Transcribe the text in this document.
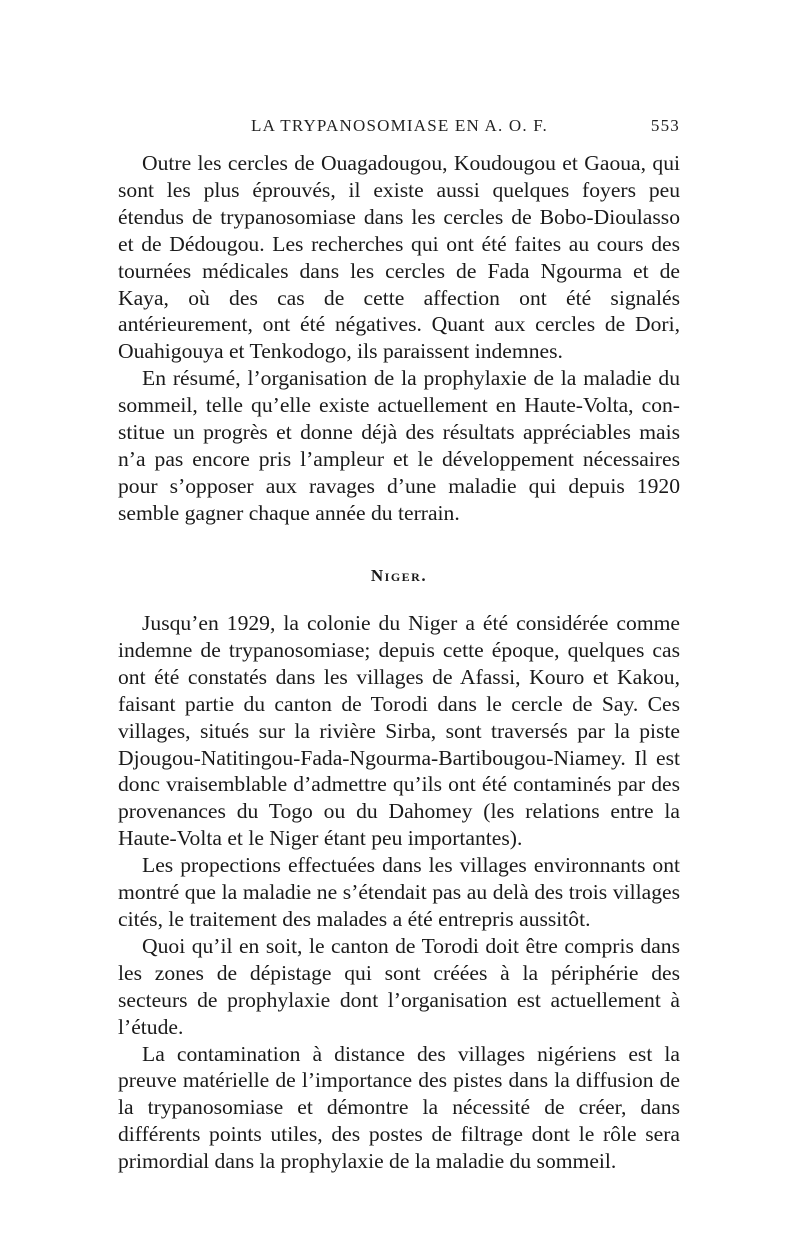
LA TRYPANOSOMIASE EN A. O. F.	553

Outre les cercles de Ouagadougou, Koudougou et Gaoua, qui sont les plus éprouvés, il existe aussi quelques foyers peu étendus de trypanosomiase dans les cercles de Bobo-Dioulasso et de Dédougou. Les recherches qui ont été faites au cours des tournées médicales dans les cercles de Fada Ngourma et de Kaya, où des cas de cette affection ont été signalés antérieurement, ont été négatives. Quant aux cercles de Dori, Ouahigouya et Tenkodogo, ils paraissent indemnes.

En résumé, l’organisation de la prophylaxie de la maladie du sommeil, telle qu’elle existe actuellement en Haute-Volta, constitue un progrès et donne déjà des résultats appréciables mais n’a pas encore pris l’ampleur et le développement nécessaires pour s’opposer aux ravages d’une maladie qui depuis 1920 semble gagner chaque année du terrain.

Niger.

Jusqu’en 1929, la colonie du Niger a été considérée comme indemne de trypanosomiase; depuis cette époque, quelques cas ont été constatés dans les villages de Afassi, Kouro et Kakou, faisant partie du canton de Torodi dans le cercle de Say. Ces villages, situés sur la rivière Sirba, sont traversés par la piste Djougou-Natitingou-Fada-Ngourma-Bartibougou-Niamey. Il est donc vraisemblable d’admettre qu’ils ont été contaminés par des provenances du Togo ou du Dahomey (les relations entre la Haute-Volta et le Niger étant peu importantes).

Les propections effectuées dans les villages environnants ont montré que la maladie ne s’étendait pas au delà des trois villages cités, le traitement des malades a été entrepris aussitôt.

Quoi qu’il en soit, le canton de Torodi doit être compris dans les zones de dépistage qui sont créées à la périphérie des secteurs de prophylaxie dont l’organisation est actuellement à l’étude.

La contamination à distance des villages nigériens est la preuve matérielle de l’importance des pistes dans la diffusion de la trypanosomiase et démontre la nécessité de créer, dans différents points utiles, des postes de filtrage dont le rôle sera primordial dans la prophylaxie de la maladie du sommeil.
